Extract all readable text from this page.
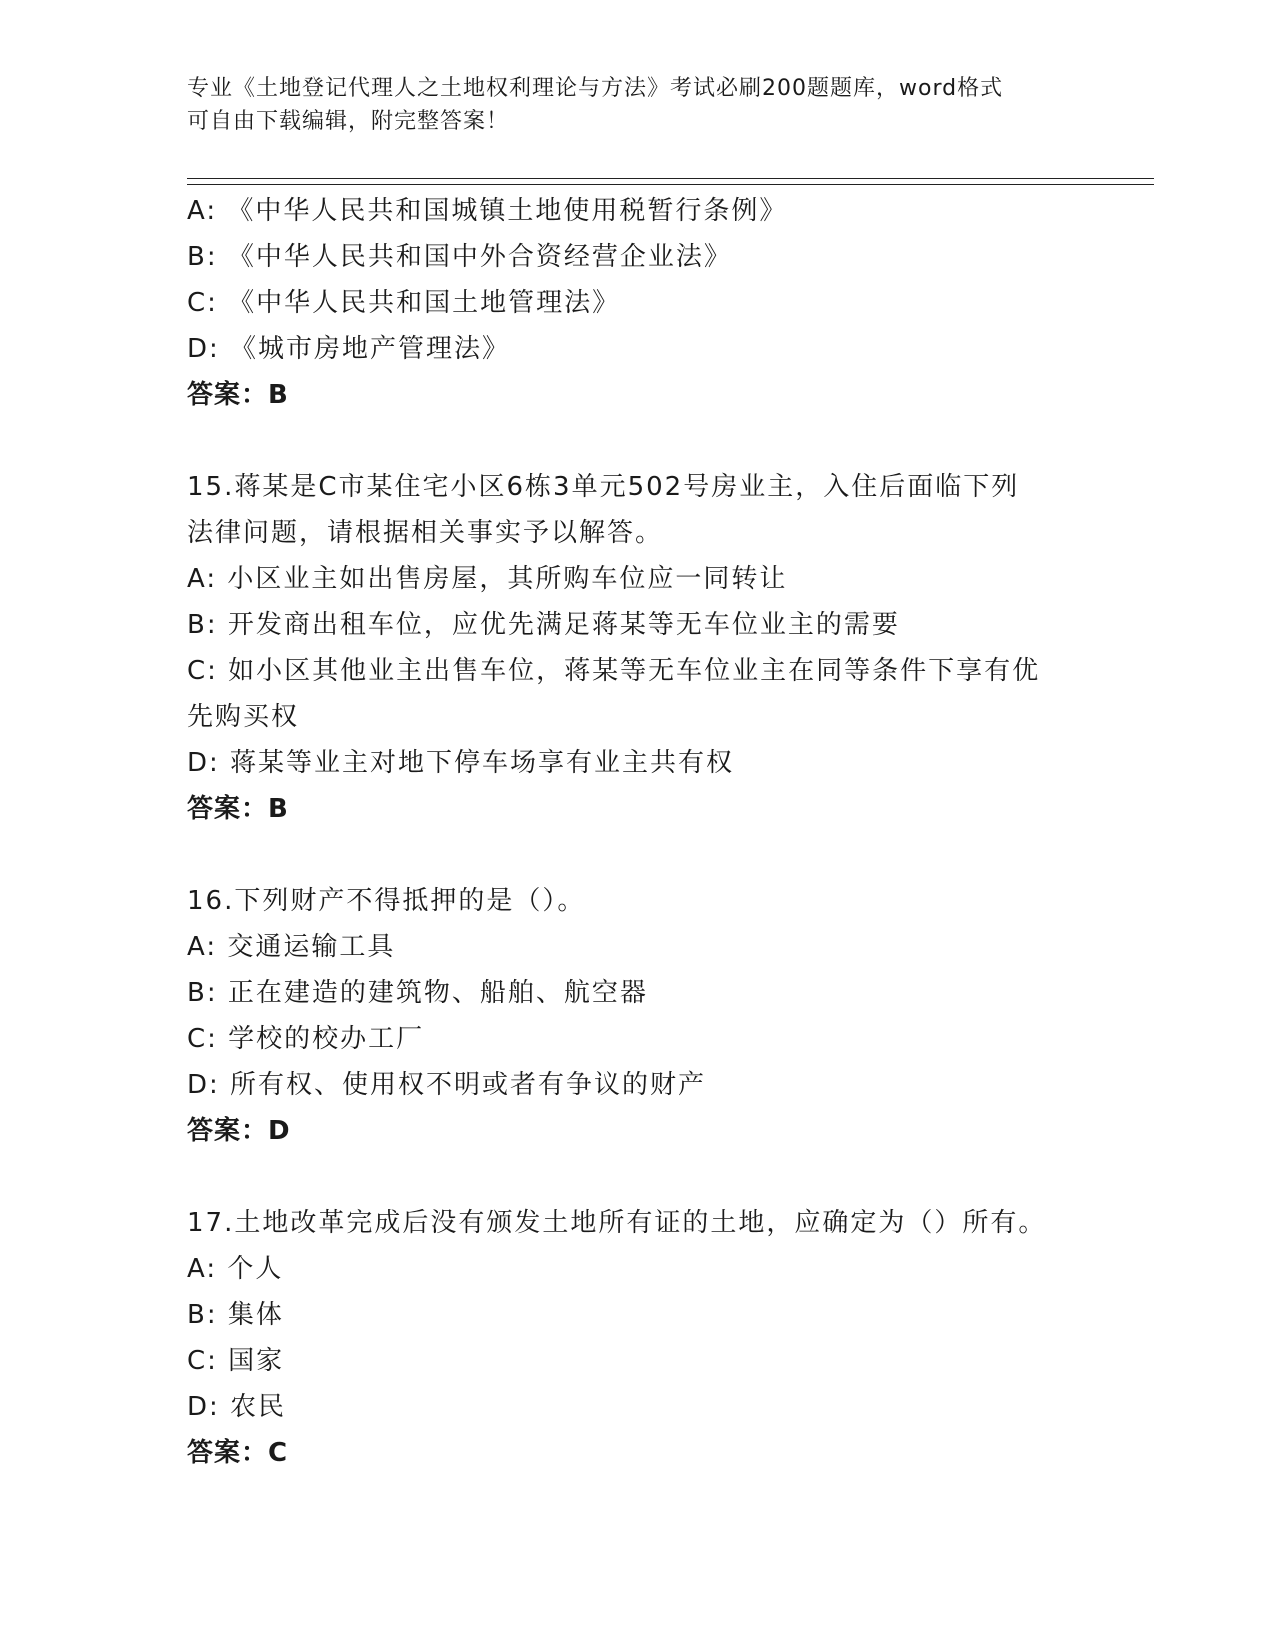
专业《土地登记代理人之土地权利理论与方法》考试必刷200题题库，word格式
可自由下载编辑，附完整答案！
A: 《中华人民共和国城镇土地使用税暂行条例》
B: 《中华人民共和国中外合资经营企业法》
C: 《中华人民共和国土地管理法》
D: 《城市房地产管理法》
答案：B
15.蒋某是C市某住宅小区6栋3单元502号房业主，入住后面临下列
法律问题，请根据相关事实予以解答。
A: 小区业主如出售房屋，其所购车位应一同转让
B: 开发商出租车位，应优先满足蒋某等无车位业主的需要
C: 如小区其他业主出售车位，蒋某等无车位业主在同等条件下享有优
先购买权
D: 蒋某等业主对地下停车场享有业主共有权
答案：B
16.下列财产不得抵押的是（）。
A: 交通运输工具
B: 正在建造的建筑物、船舶、航空器
C: 学校的校办工厂
D: 所有权、使用权不明或者有争议的财产
答案：D
17.土地改革完成后没有颁发土地所有证的土地，应确定为（）所有。
A: 个人
B: 集体
C: 国家
D: 农民
答案：C
